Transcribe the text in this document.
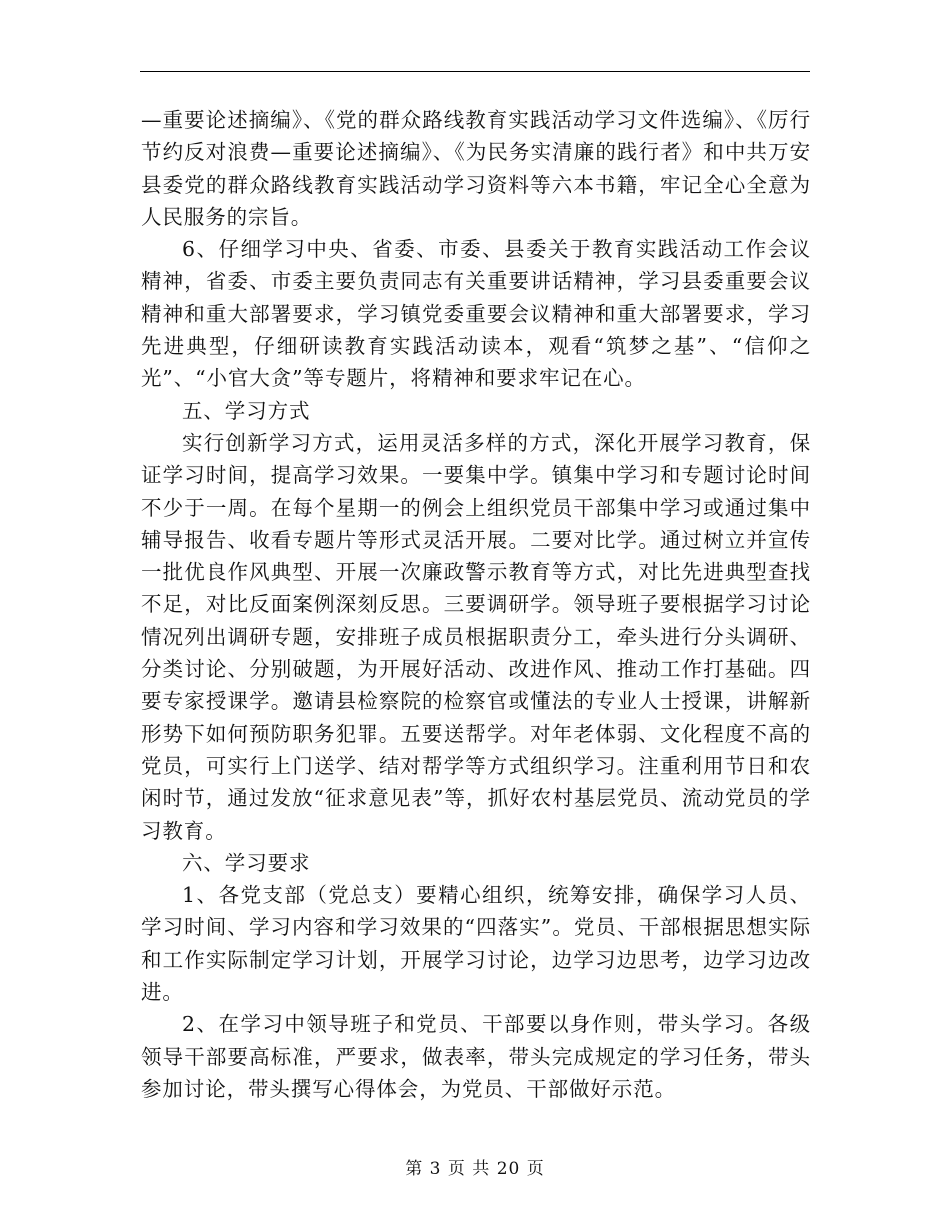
—重要论述摘编》、《党的群众路线教育实践活动学习文件选编》、《厉行节约反对浪费—重要论述摘编》、《为民务实清廉的践行者》和中共万安县委党的群众路线教育实践活动学习资料等六本书籍，牢记全心全意为人民服务的宗旨。

6、仔细学习中央、省委、市委、县委关于教育实践活动工作会议精神，省委、市委主要负责同志有关重要讲话精神，学习县委重要会议精神和重大部署要求，学习镇党委重要会议精神和重大部署要求，学习先进典型，仔细研读教育实践活动读本，观看“筑梦之基”、“信仰之光”、“小官大贪”等专题片，将精神和要求牢记在心。

五、学习方式

实行创新学习方式，运用灵活多样的方式，深化开展学习教育，保证学习时间，提高学习效果。一要集中学。镇集中学习和专题讨论时间不少于一周。在每个星期一的例会上组织党员干部集中学习或通过集中辅导报告、收看专题片等形式灵活开展。二要对比学。通过树立并宣传一批优良作风典型、开展一次廉政警示教育等方式，对比先进典型查找不足，对比反面案例深刻反思。三要调研学。领导班子要根据学习讨论情况列出调研专题，安排班子成员根据职责分工，牵头进行分头调研、分类讨论、分别破题，为开展好活动、改进作风、推动工作打基础。四要专家授课学。邀请县检察院的检察官或懂法的专业人士授课，讲解新形势下如何预防职务犯罪。五要送帮学。对年老体弱、文化程度不高的党员，可实行上门送学、结对帮学等方式组织学习。注重利用节日和农闲时节，通过发放“征求意见表”等，抓好农村基层党员、流动党员的学习教育。

六、学习要求

1、各党支部（党总支）要精心组织，统筹安排，确保学习人员、学习时间、学习内容和学习效果的“四落实”。党员、干部根据思想实际和工作实际制定学习计划，开展学习讨论，边学习边思考，边学习边改进。

2、在学习中领导班子和党员、干部要以身作则，带头学习。各级领导干部要高标准，严要求，做表率，带头完成规定的学习任务，带头参加讨论，带头撰写心得体会，为党员、干部做好示范。

第 3 页 共 20 页
